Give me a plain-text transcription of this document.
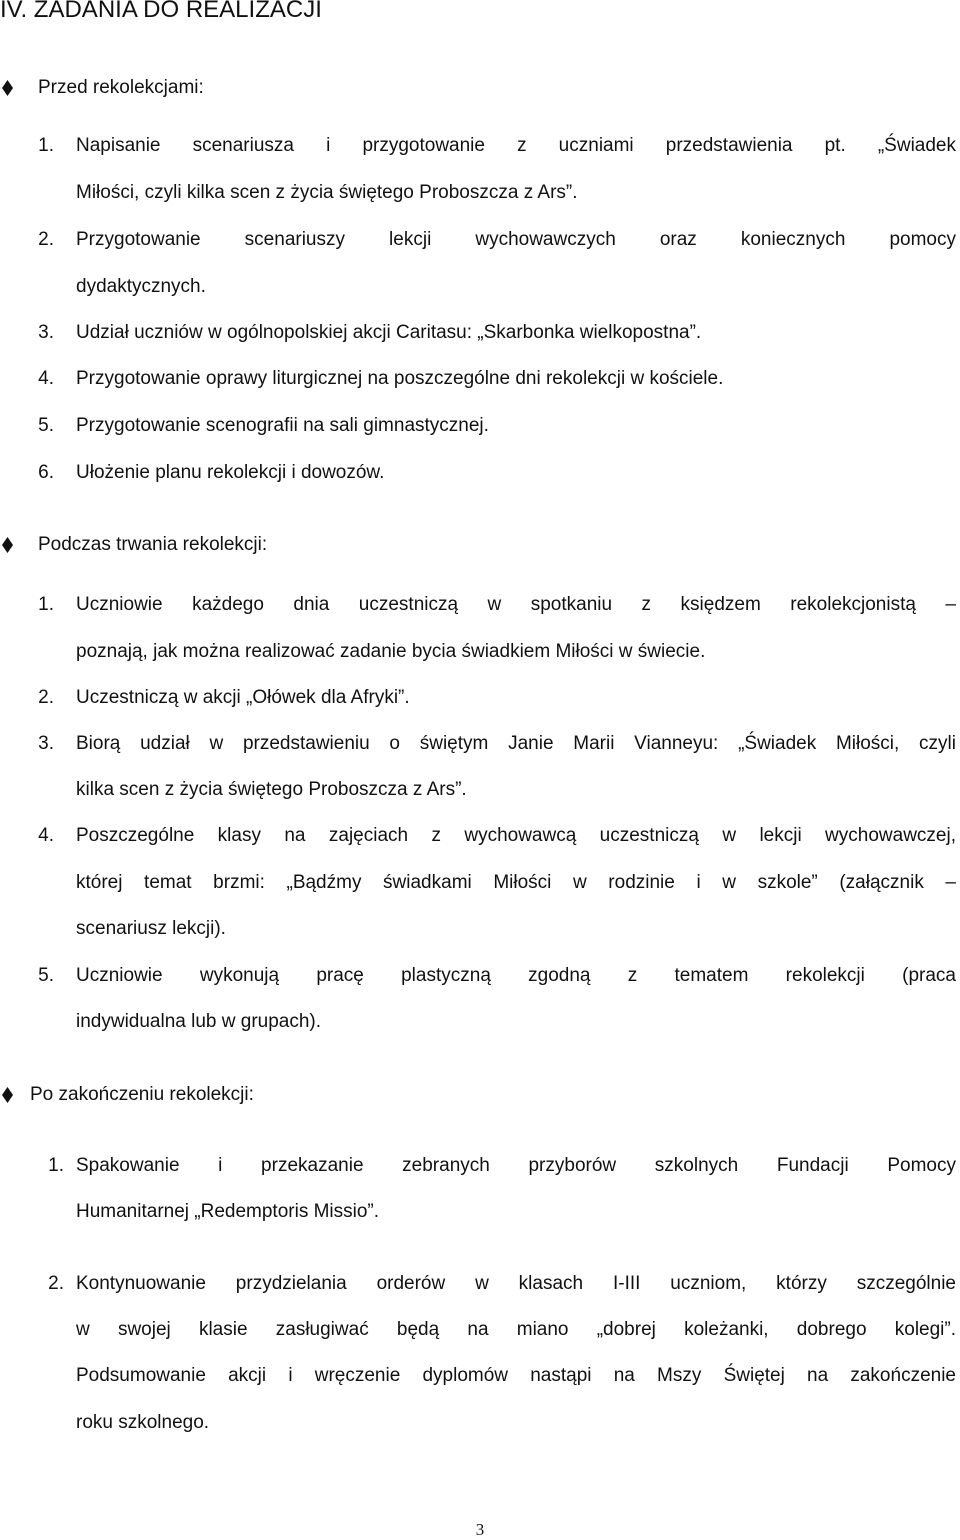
IV. ZADANIA DO REALIZACJI
Przed rekolekcjami:
1. Napisanie scenariusza i przygotowanie z uczniami przedstawienia pt. „Świadek
Miłości, czyli kilka scen z życia świętego Proboszcza z Ars”.
2. Przygotowanie scenariuszy lekcji wychowawczych oraz koniecznych pomocy
dydaktycznych.
3. Udział uczniów w ogólnopolskiej akcji Caritasu: „Skarbonka wielkopostna”.
4. Przygotowanie oprawy liturgicznej na poszczególne dni rekolekcji w kościele.
5. Przygotowanie scenografii na sali gimnastycznej.
6. Ułożenie planu rekolekcji i dowozów.
Podczas trwania rekolekcji:
1. Uczniowie każdego dnia uczestniczą w spotkaniu z księdzem rekolekcjonistą –
poznają, jak można realizować zadanie bycia świadkiem Miłości w świecie.
2. Uczestniczą w akcji „Ołówek dla Afryki”.
3. Biorą udział w przedstawieniu o świętym Janie Marii Vianneyu: „Świadek Miłości, czyli
kilka scen z życia świętego Proboszcza z Ars”.
4. Poszczególne klasy na zajęciach z wychowawcą uczestniczą w lekcji wychowawczej,
której temat brzmi: „Bądźmy świadkami Miłości w rodzinie i w szkole” (załącznik –
scenariusz lekcji).
5. Uczniowie wykonują pracę plastyczną zgodną z tematem rekolekcji (praca
indywidualna lub w grupach).
Po zakończeniu rekolekcji:
1. Spakowanie i przekazanie zebranych przyborów szkolnych Fundacji Pomocy
Humanitarnej „Redemptoris Missio”.
2. Kontynuowanie przydzielania orderów w klasach I-III uczniom, którzy szczególnie
w swojej klasie zasługiwać będą na miano „dobrej koleżanki, dobrego kolegi”.
Podsumowanie akcji i wręczenie dyplomów nastąpi na Mszy Świętej na zakończenie
roku szkolnego.
3
